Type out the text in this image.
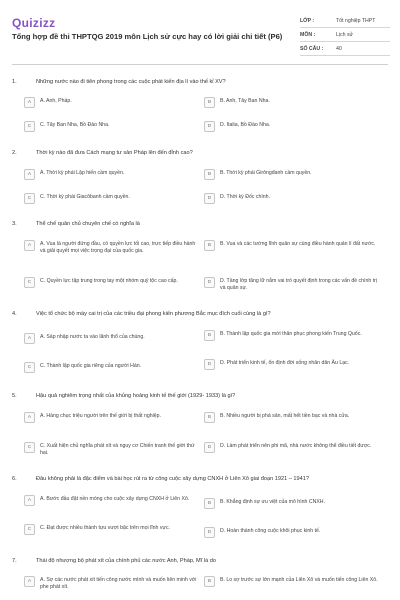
Quizizz
Tổng hợp đề thi THPTQG 2019 môn Lịch sử cực hay có lời giải chi tiết (P6)
LỚP :	Tốt nghiệp THPT
MÔN :	Lịch sử
SỐ CÂU :	40
1.	Những nước nào đi tiên phong trong các cuộc phát kiến địa lí vào thế kỉ XV?
A	A. Anh, Pháp.	B	B. Anh, Tây Ban Nha.
C	C. Tây Ban Nha, Bồ Đào Nha.	D	D. Italia, Bồ Đào Nha.
2.	Thời kỳ nào đã đưa Cách mạng tư sản Pháp lên đến đỉnh cao?
A	A. Thời kỳ phái Lập hiến cầm quyền.	B	B. Thời kỳ phái Girôngđanh cầm quyền.
C	C. Thời kỳ phái Giacôbanh cầm quyền.	D	D. Thời kỳ Đốc chính.
3.	Thể chế quân chủ chuyên chế có nghĩa là
A	A. Vua là người đứng đầu, có quyền lực tối cao, trực tiếp điều hành và giải quyết mọi việc trọng đại của quốc gia.
B	B. Vua và các tướng lĩnh quân sự cùng điều hành quản lí đất nước.
C	C. Quyền lực tập trung trong tay một nhóm quý tộc cao cấp.	D	D. Tầng lớp tăng lữ nắm vai trò quyết định trong các vấn đề chính trị và quân sự.
4.	Việc tổ chức bộ máy cai trị của các triều đại phong kiến phương Bắc mục đích cuối cùng là gì?
A	A. Sáp nhập nước ta vào lãnh thổ của chúng.	B	B. Thành lập quốc gia mới thân phục phong kiến Trung Quốc.
C	C. Thành lập quốc gia riêng của người Hán.	D	D. Phát triển kinh tế, ổn định đời sống nhân dân Âu Lạc.
5.	Hậu quả nghiêm trọng nhất của khủng hoảng kinh tế thế giới (1929- 1933) là gì?
A	A. Hàng chục triệu người trên thế giới bị thất nghiệp.	B	B. Nhiều người bị phá sản, mất hết tiền bạc và nhà cửa.
C	C. Xuất hiện chủ nghĩa phát xít và nguy cơ Chiến tranh thế giới thứ hai.
D	D. Làm phát triển nên phi mã, nhà nước không thể điều tiết được.
6.	Đâu không phải là đặc điểm và bài học rút ra từ công cuộc xây dựng CNXH ở Liên Xô giai đoạn 1921 – 1941?
A	A. Bước đầu đặt nền móng cho cuộc xây dựng CNXH ở Liên Xô.
B	B. Khẳng định sự ưu việt của mô hình CNXH.
C	C. Đạt được nhiều thành tựu vượt bậc trên mọi lĩnh vực.
D	D. Hoàn thành công cuộc khôi phục kinh tế.
7.	Thái độ nhượng bộ phát xít của chính phủ các nước Anh, Pháp, Mĩ là do
A	A. Sợ các nước phát xít tiến công nước mình và muốn liên minh với phe phát xít.
B	B. Lo sợ trước sự lớn mạnh của Liên Xô và muốn tiến công Liên Xô.
